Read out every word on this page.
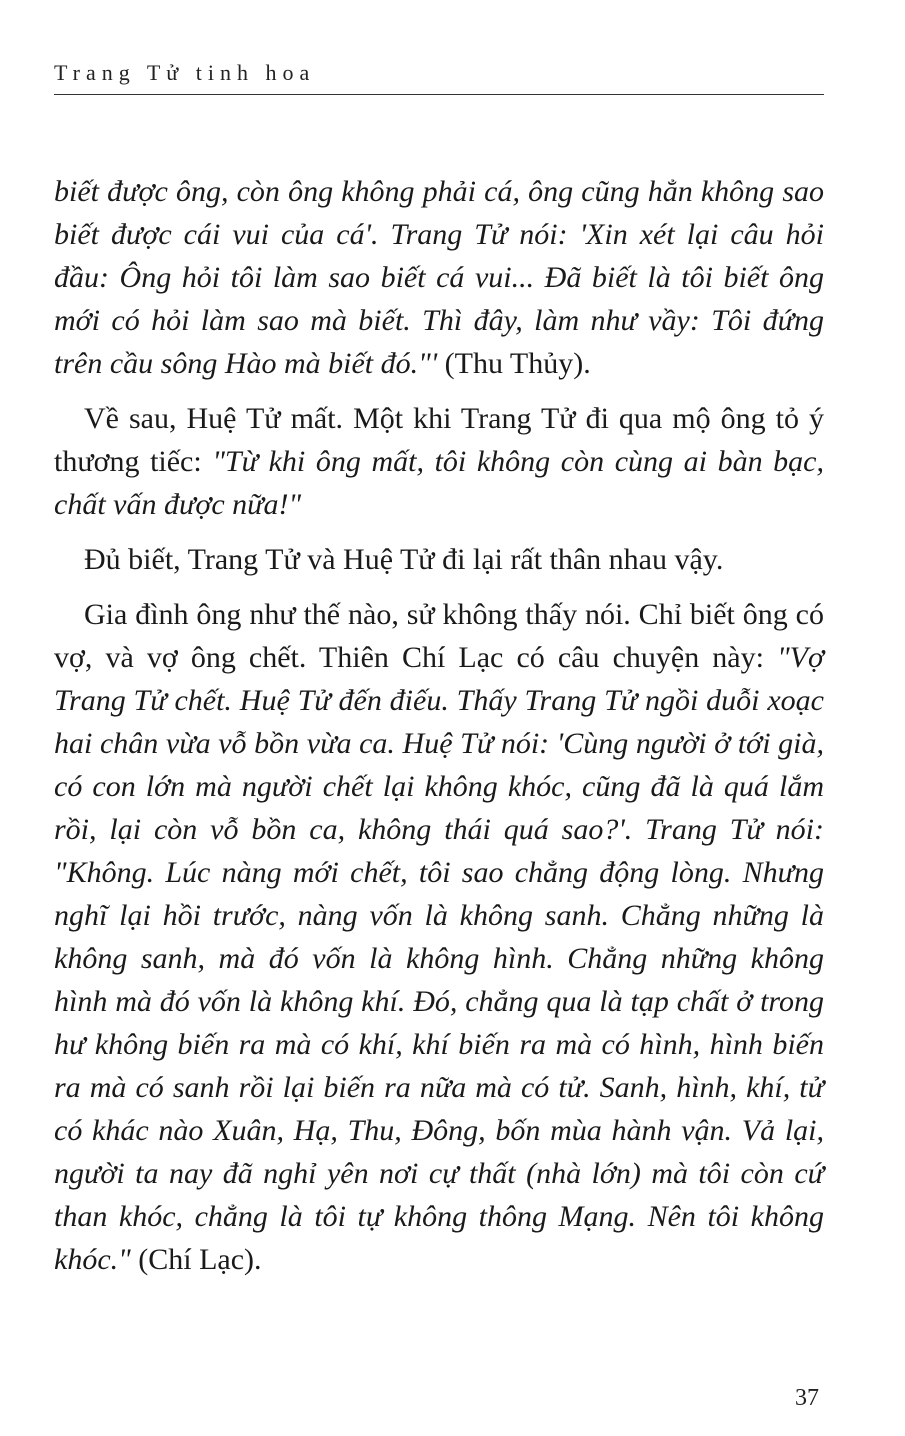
Trang Tử tinh hoa

biết được ông, còn ông không phải cá, ông cũng hẳn không sao biết được cái vui của cá'. Trang Tử nói: 'Xin xét lại câu hỏi đầu: Ông hỏi tôi làm sao biết cá vui... Đã biết là tôi biết ông mới có hỏi làm sao mà biết. Thì đây, làm như vầy: Tôi đứng trên cầu sông Hào mà biết đó."' (Thu Thủy).

Về sau, Huệ Tử mất. Một khi Trang Tử đi qua mộ ông tỏ ý thương tiếc: "Từ khi ông mất, tôi không còn cùng ai bàn bạc, chất vấn được nữa!"

Đủ biết, Trang Tử và Huệ Tử đi lại rất thân nhau vậy.

Gia đình ông như thế nào, sử không thấy nói. Chỉ biết ông có vợ, và vợ ông chết. Thiên Chí Lạc có câu chuyện này: "Vợ Trang Tử chết. Huệ Tử đến điếu. Thấy Trang Tử ngồi duỗi xoạc hai chân vừa vỗ bồn vừa ca. Huệ Tử nói: 'Cùng người ở tới già, có con lớn mà người chết lại không khóc, cũng đã là quá lắm rồi, lại còn vỗ bồn ca, không thái quá sao?'. Trang Tử nói: "Không. Lúc nàng mới chết, tôi sao chẳng động lòng. Nhưng nghĩ lại hồi trước, nàng vốn là không sanh. Chẳng những là không sanh, mà đó vốn là không hình. Chẳng những không hình mà đó vốn là không khí. Đó, chẳng qua là tạp chất ở trong hư không biến ra mà có khí, khí biến ra mà có hình, hình biến ra mà có sanh rồi lại biến ra nữa mà có tử. Sanh, hình, khí, tử có khác nào Xuân, Hạ, Thu, Đông, bốn mùa hành vận. Vả lại, người ta nay đã nghỉ yên nơi cự thất (nhà lớn) mà tôi còn cứ than khóc, chẳng là tôi tự không thông Mạng. Nên tôi không khóc." (Chí Lạc).

37
